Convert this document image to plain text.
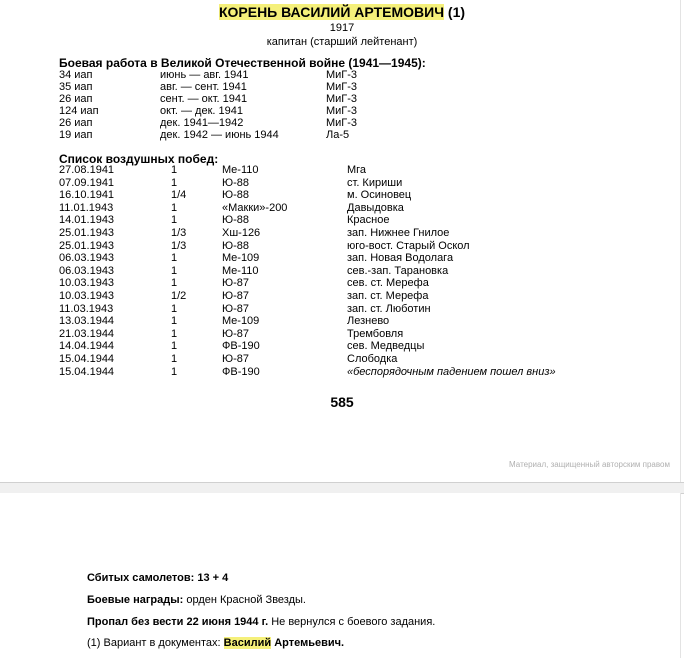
КОРЕНЬ ВАСИЛИЙ АРТЕМОВИЧ (1)
1917
капитан (старший лейтенант)
Боевая работа в Великой Отечественной войне (1941—1945):
34 иап	июнь — авг. 1941	МиГ-3
35 иап	авг. — сент. 1941	МиГ-3
26 иап	сент. — окт. 1941	МиГ-3
124 иап	окт. — дек. 1941	МиГ-3
26 иап	дек. 1941—1942	МиГ-3
19 иап	дек. 1942 — июнь 1944	Ла-5
Список воздушных побед:
27.08.1941	1	Me-110	Мга
07.09.1941	1	Ю-88	ст. Кириши
16.10.1941	1/4	Ю-88	м. Осиновец
11.01.1943	1	«Макки»-200	Давыдовка
14.01.1943	1	Ю-88	Красное
25.01.1943	1/3	Хш-126	зап. Нижнее Гнилое
25.01.1943	1/3	Ю-88	юго-вост. Старый Оскол
06.03.1943	1	Me-109	зап. Новая Водолага
06.03.1943	1	Me-110	сев.-зап. Тарановка
10.03.1943	1	Ю-87	сев. ст. Мерефа
10.03.1943	1/2	Ю-87	зап. ст. Мерефа
11.03.1943	1	Ю-87	зап. ст. Люботин
13.03.1944	1	Me-109	Лезнево
21.03.1944	1	Ю-87	Трембовля
14.04.1944	1	ФВ-190	сев. Медведцы
15.04.1944	1	Ю-87	Слободка
15.04.1944	1	ФВ-190	«беспорядочным падением пошел вниз»
585
Материал, защищенный авторским правом
Сбитых самолетов: 13 + 4
Боевые награды: орден Красной Звезды.
Пропал без вести 22 июня 1944 г. Не вернулся с боевого задания.
(1) Вариант в документах: Василий Артемьевич.
